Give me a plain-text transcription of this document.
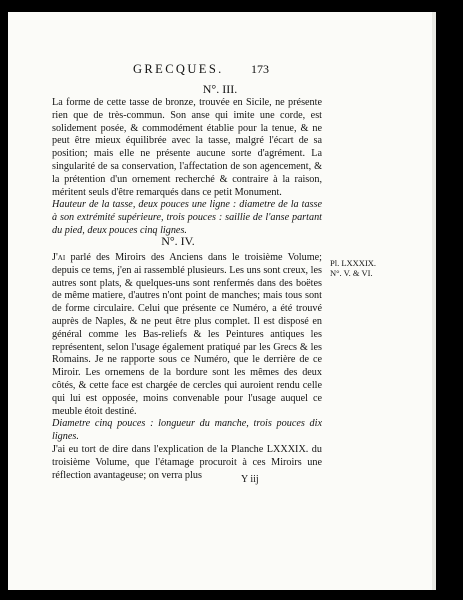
GRECQUES. 173
N°. III.

La forme de cette tasse de bronze, trouvée en Sicile, ne présente rien que de très-commun. Son anse qui imite une corde, est solidement posée, & commodément établie pour la tenue, & ne peut être mieux équilibrée avec la tasse, malgré l'écart de sa position; mais elle ne présente aucune sorte d'agrément. La singularité de sa conservation, l'affectation de son agencement, & la prétention d'un ornement recherché & contraire à la raison, méritent seuls d'être remarqués dans ce petit Monument.

Hauteur de la tasse, deux pouces une ligne : diametre de la tasse à son extrémité supérieure, trois pouces : saillie de l'anse partant du pied, deux pouces cinq lignes.

N°. IV.

J'ai parlé des Miroirs des Anciens dans le troisième Volume; depuis ce tems, j'en ai rassemblé plusieurs. Les uns sont creux, les autres sont plats, & quelques-uns sont renfermés dans des boëtes de même matiere, d'autres n'ont point de manches; mais tous sont de forme circulaire. Celui que présente ce Numéro, a été trouvé auprès de Naples, & ne peut être plus complet. Il est disposé en général comme les Bas-reliefs & les Peintures antiques les représentent, selon l'usage également pratiqué par les Grecs & les Romains. Je ne rapporte sous ce Numéro, que le derrière de ce Miroir. Les ornemens de la bordure sont les mêmes des deux côtés, & cette face est chargée de cercles qui auroient rendu celle qui lui est opposée, moins convenable pour l'usage auquel ce meuble étoit destiné.

Diametre cinq pouces : longueur du manche, trois pouces dix lignes.

J'ai eu tort de dire dans l'explication de la Planche LXXXIX. du troisième Volume, que l'étamage procuroit à ces Miroirs une réflection avantageuse; on verra plus

Pl. LXXXIX.
N°. V. & VI.
Y iij
